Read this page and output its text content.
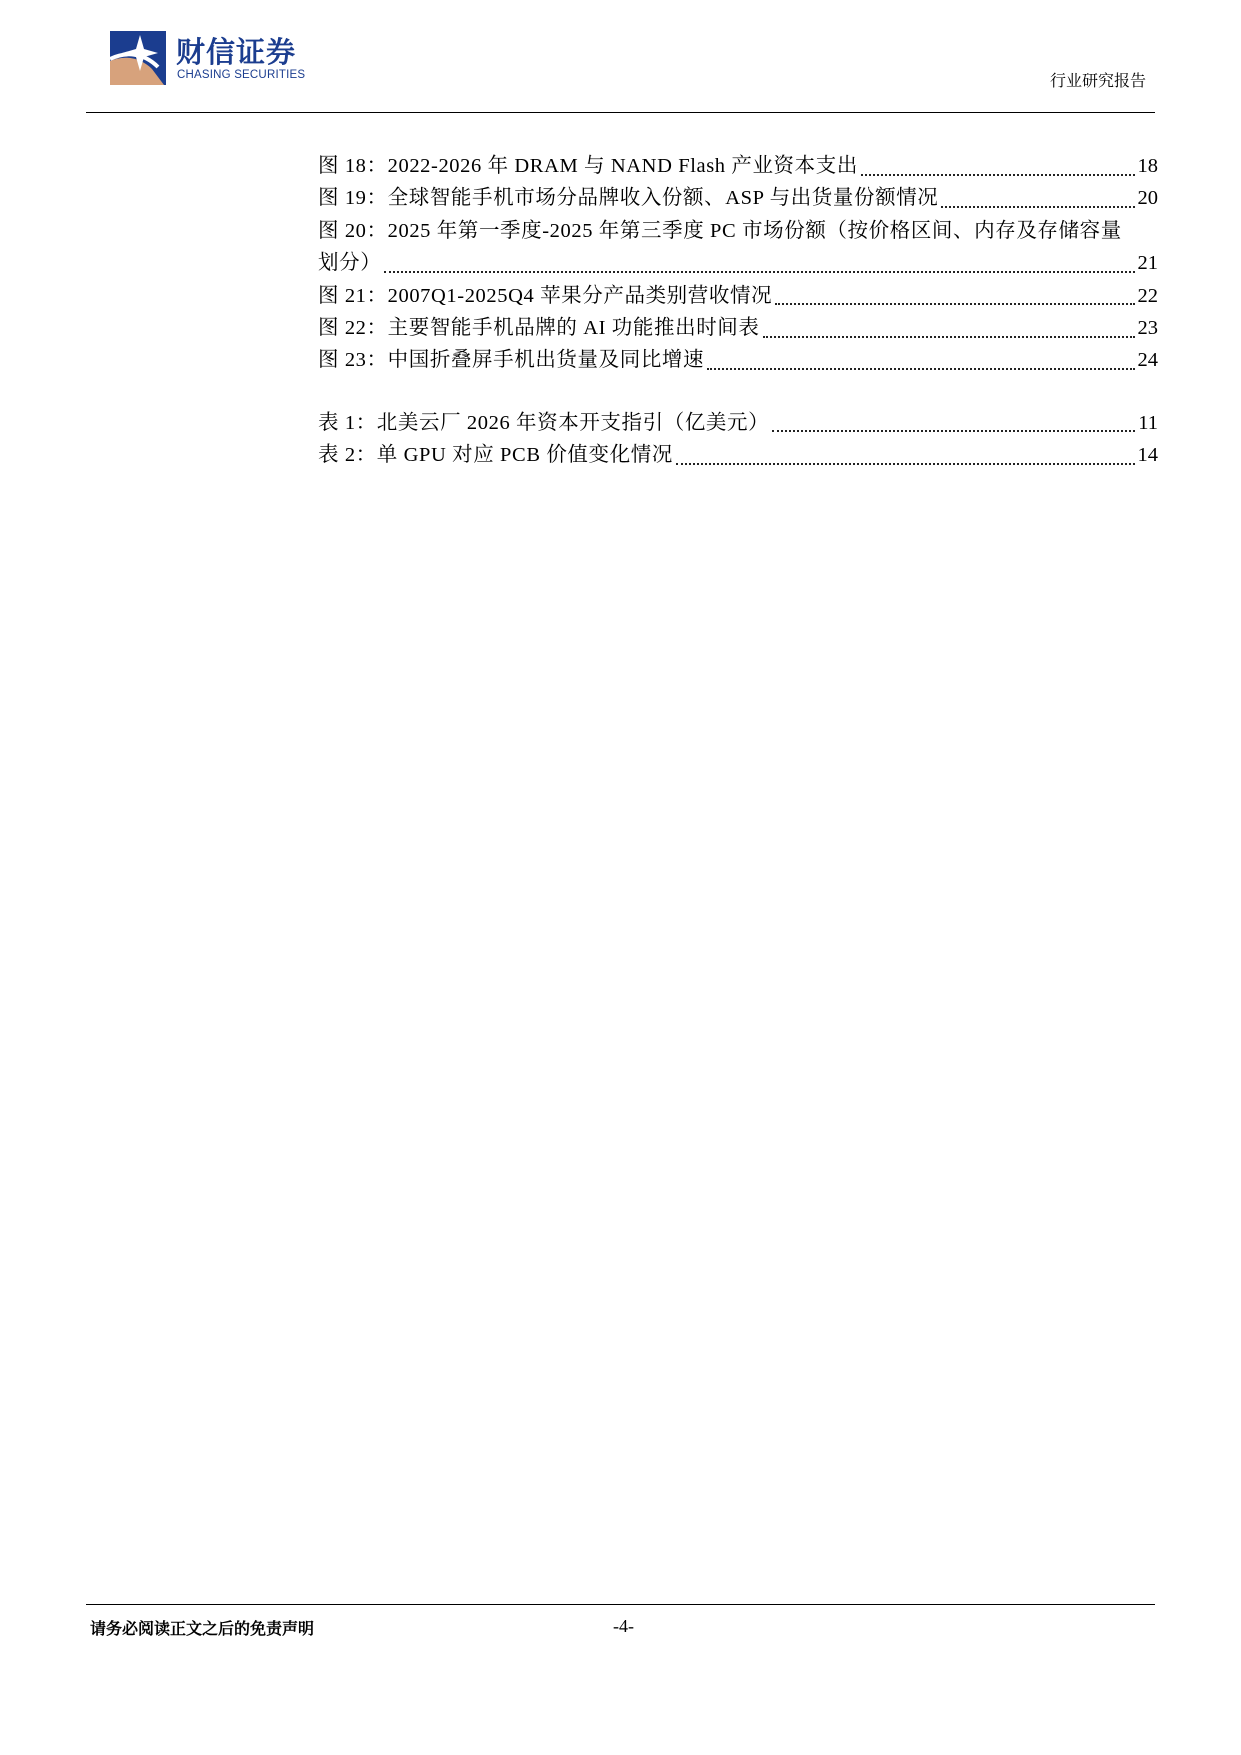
财信证券
CHASING SECURITIES	行业研究报告
图 18：2022-2026 年 DRAM 与 NAND Flash 产业资本支出	18
图 19：全球智能手机市场分品牌收入份额、ASP 与出货量份额情况	20
图 20：2025 年第一季度-2025 年第三季度 PC 市场份额（按价格区间、内存及存储容量
划分）	21
图 21：2007Q1-2025Q4 苹果分产品类别营收情况	22
图 22：主要智能手机品牌的 AI 功能推出时间表	23
图 23：中国折叠屏手机出货量及同比增速	24
表 1：北美云厂 2026 年资本开支指引（亿美元）	11
表 2：单 GPU 对应 PCB 价值变化情况	14
请务必阅读正文之后的免责声明	-4-
